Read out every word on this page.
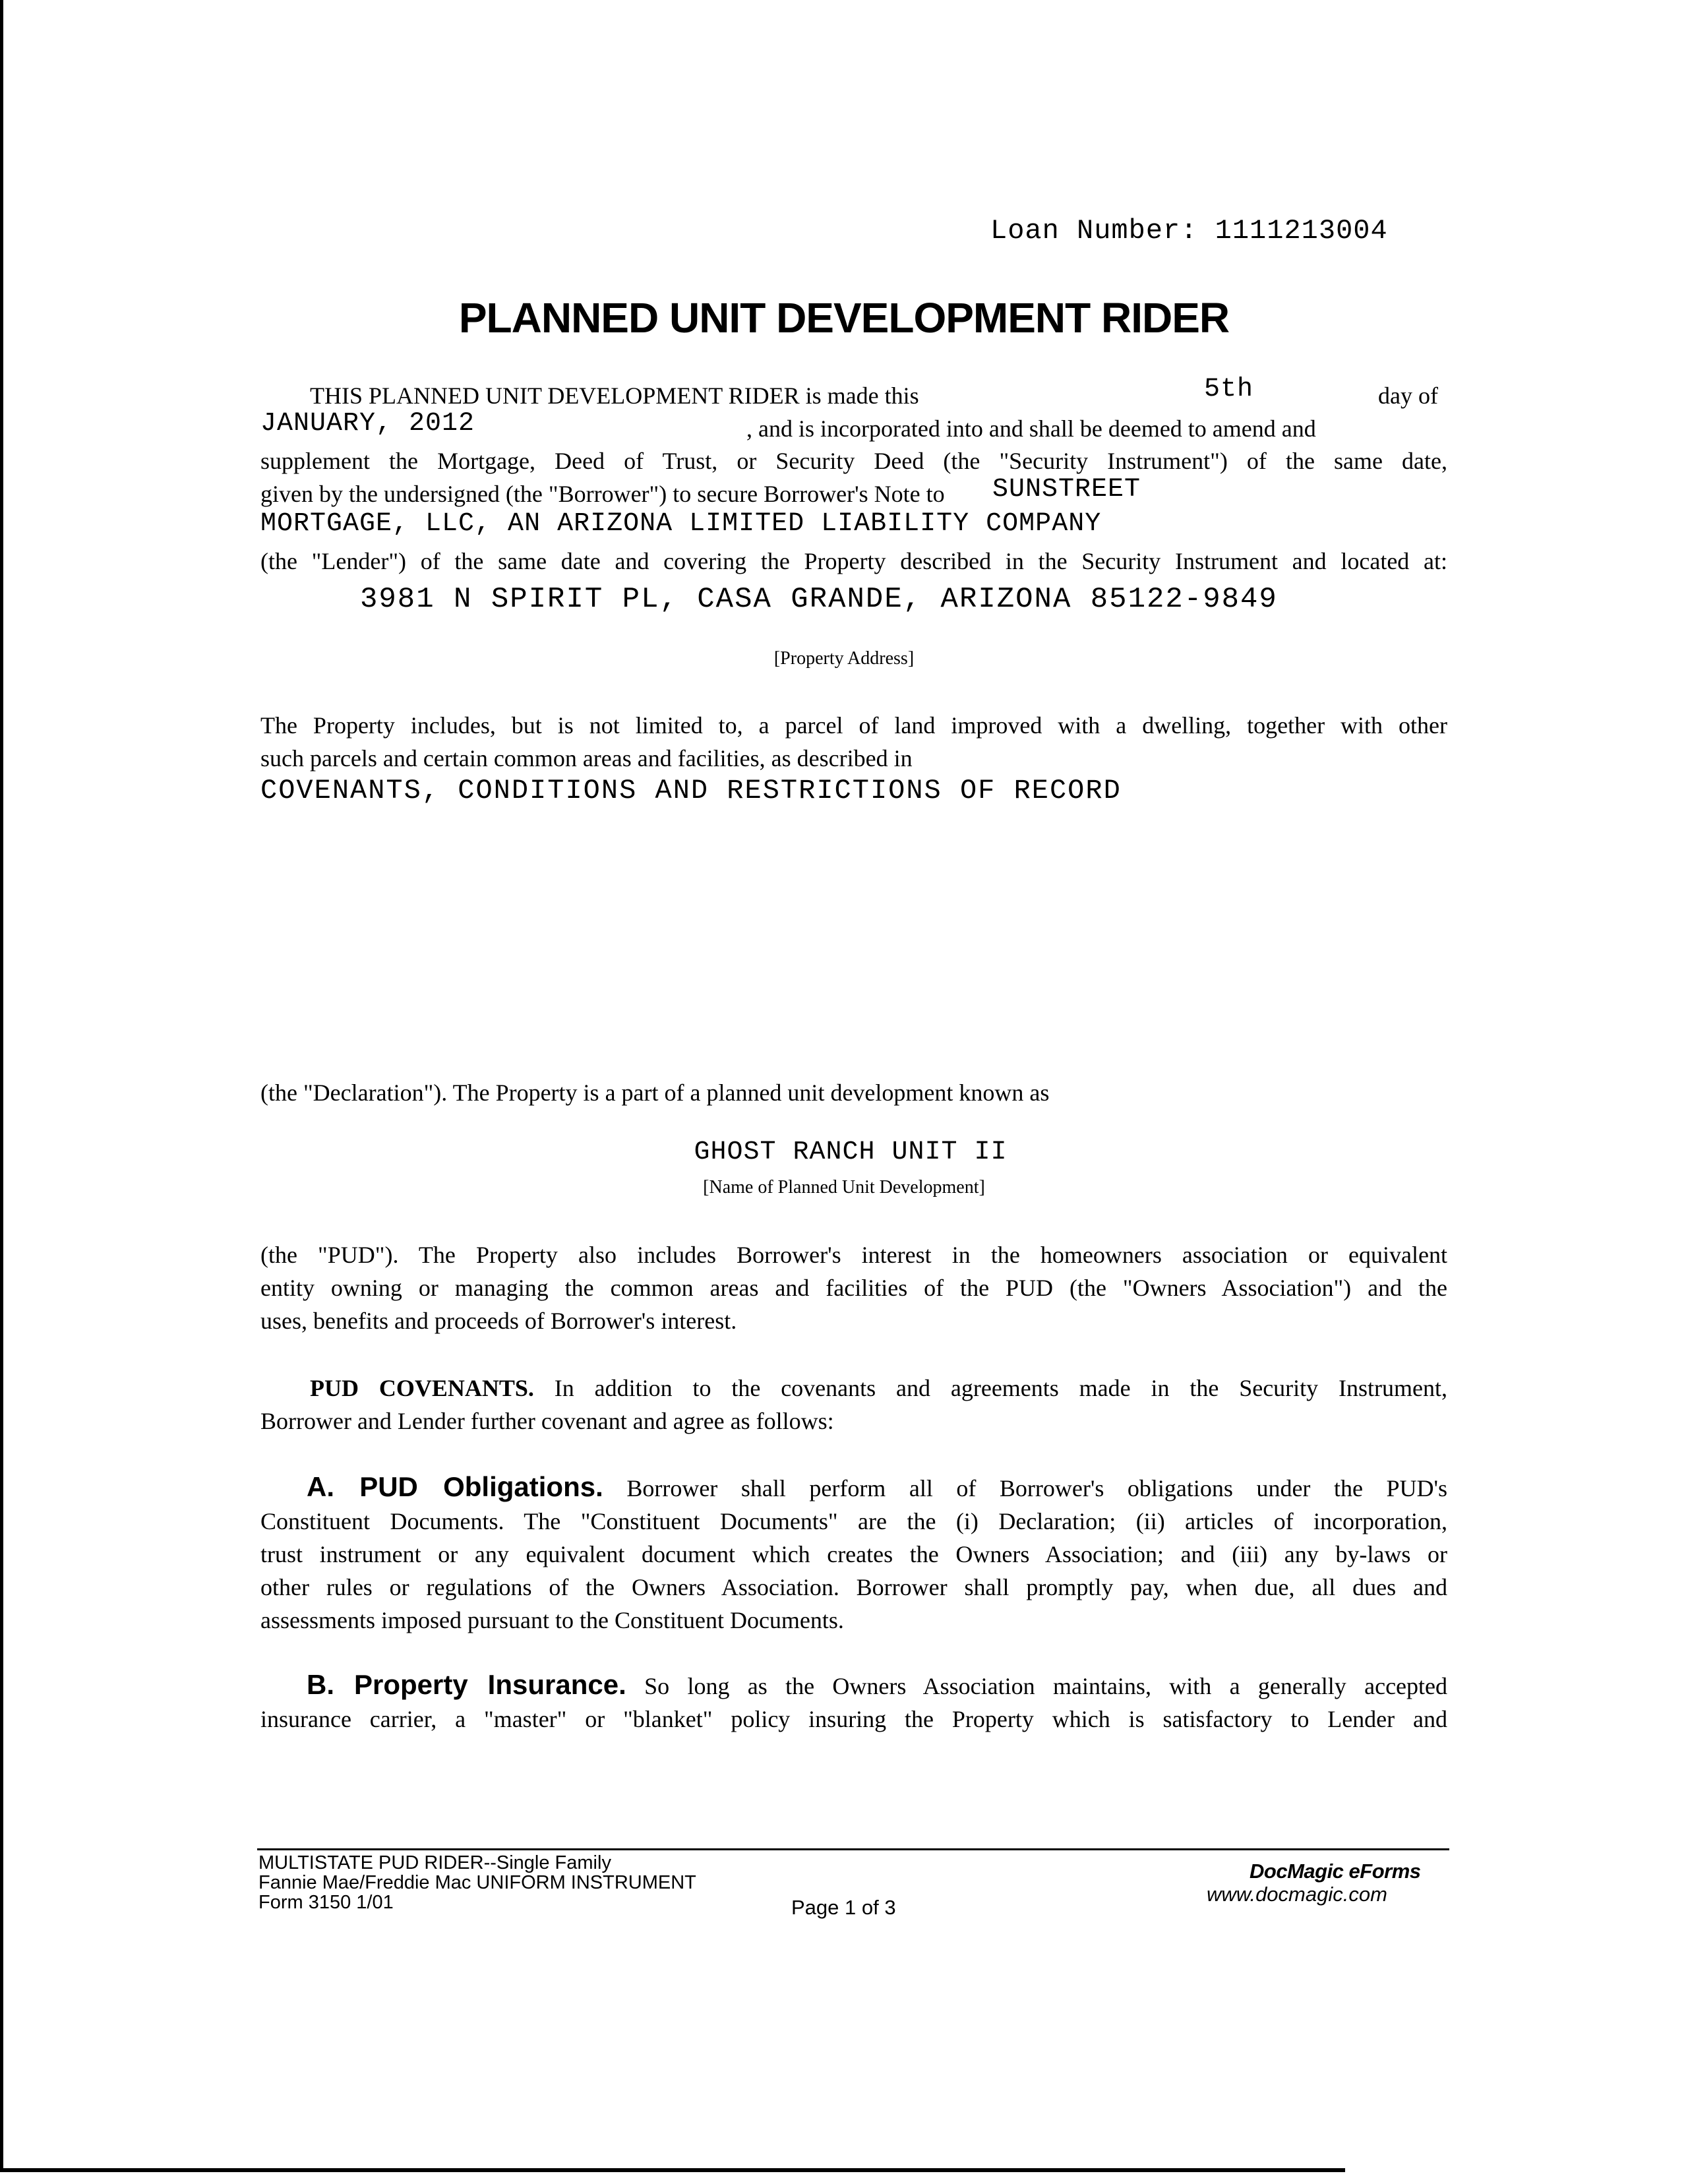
Loan Number: 1111213004
PLANNED UNIT DEVELOPMENT RIDER
THIS PLANNED UNIT DEVELOPMENT RIDER is made this	5th	day of
JANUARY, 2012	, and is incorporated into and shall be deemed to amend and
supplement the Mortgage, Deed of Trust, or Security Deed (the "Security Instrument") of the same date,
given by the undersigned (the "Borrower") to secure Borrower's Note to SUNSTREET
MORTGAGE, LLC, AN ARIZONA LIMITED LIABILITY COMPANY
(the "Lender") of the same date and covering the Property described in the Security Instrument and located at:
3981 N SPIRIT PL, CASA GRANDE, ARIZONA 85122-9849
[Property Address]
The Property includes, but is not limited to, a parcel of land improved with a dwelling, together with other
such parcels and certain common areas and facilities, as described in
COVENANTS, CONDITIONS AND RESTRICTIONS OF RECORD
(the "Declaration"). The Property is a part of a planned unit development known as
GHOST RANCH UNIT II
[Name of Planned Unit Development]
(the "PUD"). The Property also includes Borrower's interest in the homeowners association or equivalent
entity owning or managing the common areas and facilities of the PUD (the "Owners Association") and the
uses, benefits and proceeds of Borrower's interest.
PUD COVENANTS. In addition to the covenants and agreements made in the Security Instrument,
Borrower and Lender further covenant and agree as follows:
A. PUD Obligations. Borrower shall perform all of Borrower's obligations under the PUD's
Constituent Documents. The "Constituent Documents" are the (i) Declaration; (ii) articles of incorporation,
trust instrument or any equivalent document which creates the Owners Association; and (iii) any by-laws or
other rules or regulations of the Owners Association. Borrower shall promptly pay, when due, all dues and
assessments imposed pursuant to the Constituent Documents.
B. Property Insurance. So long as the Owners Association maintains, with a generally accepted
insurance carrier, a "master" or "blanket" policy insuring the Property which is satisfactory to Lender and
MULTISTATE PUD RIDER--Single Family
Fannie Mae/Freddie Mac UNIFORM INSTRUMENT
Form 3150 1/01	Page 1 of 3
DocMagic eForms
www.docmagic.com
